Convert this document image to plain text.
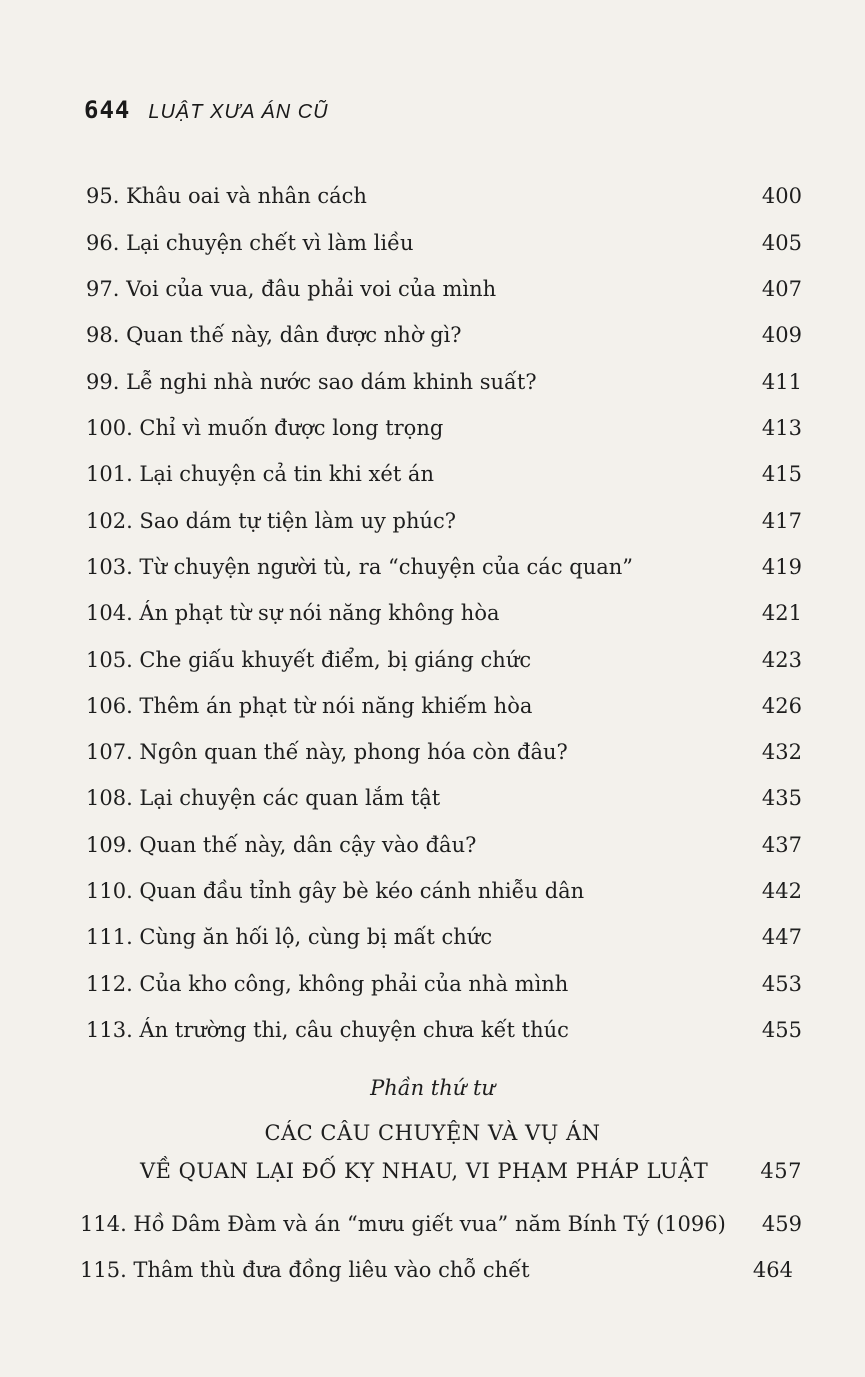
644 LUẬT XƯA ÁN CŨ
95. Khâu oai và nhân cách	400
96. Lại chuyện chết vì làm liều	405
97. Voi của vua, đâu phải voi của mình	407
98. Quan thế này, dân được nhờ gì?	409
99. Lễ nghi nhà nước sao dám khinh suất?	411
100. Chỉ vì muốn được long trọng	413
101. Lại chuyện cả tin khi xét án	415
102. Sao dám tự tiện làm uy phúc?	417
103. Từ chuyện người tù, ra “chuyện của các quan”	419
104. Án phạt từ sự nói năng không hòa	421
105. Che giấu khuyết điểm, bị giáng chức	423
106. Thêm án phạt từ nói năng khiếm hòa	426
107. Ngôn quan thế này, phong hóa còn đâu?	432
108. Lại chuyện các quan lắm tật	435
109. Quan thế này, dân cậy vào đâu?	437
110. Quan đầu tỉnh gây bè kéo cánh nhiễu dân	442
111. Cùng ăn hối lộ, cùng bị mất chức	447
112. Của kho công, không phải của nhà mình	453
113. Án trường thi, câu chuyện chưa kết thúc	455
Phần thứ tư
CÁC CÂU CHUYỆN VÀ VỤ ÁN
VỀ QUAN LẠI ĐỐ KỴ NHAU, VI PHẠM PHÁP LUẬT	457
114. Hồ Dâm Đàm và án “mưu giết vua” năm Bính Tý (1096)	459
115. Thâm thù đưa đồng liêu vào chỗ chết	464
